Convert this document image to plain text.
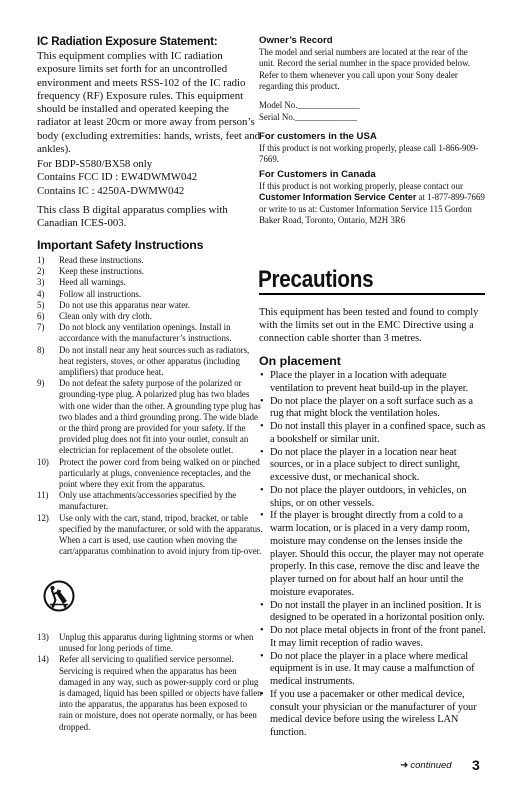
IC Radiation Exposure Statement:

This equipment complies with IC radiation

exposure limits set forth for an uncontrolled

environment and meets RSS-102 of the IC radio

frequency (RF) Exposure rules. This equipment

should be installed and operated keeping the

radiator at least 20cm or more away from person’s

body (excluding extremities: hands, wrists, feet and

ankles).

For BDP-S580/BX58 only

Contains FCC ID : EW4DWMW042

Contains IC : 4250A-DWMW042

This class B digital apparatus complies with

Canadian ICES-003.

Important Safety Instructions
1) Read these instructions.
2) Keep these instructions.
3) Heed all warnings.
4) Follow all instructions.
5) Do not use this apparatus near water.
6) Clean only with dry cloth.
7) Do not block any ventilation openings. Install in accordance with the manufacturer’s instructions.
8) Do not install near any heat sources such as radiators, heat registers, stoves, or other apparatus (including amplifiers) that produce heat.
9) Do not defeat the safety purpose of the polarized or grounding-type plug. A polarized plug has two blades with one wider than the other. A grounding type plug has two blades and a third grounding prong. The wide blade or the third prong are provided for your safety. If the provided plug does not fit into your outlet, consult an electrician for replacement of the obsolete outlet.
10) Protect the power cord from being walked on or pinched particularly at plugs, convenience receptacles, and the point where they exit from the apparatus.
11) Only use attachments/accessories specified by the manufacturer.
12) Use only with the cart, stand, tripod, bracket, or table specified by the manufacturer, or sold with the apparatus. When a cart is used, use caution when moving the cart/apparatus combination to avoid injury from tip-over.
13) Unplug this apparatus during lightning storms or when unused for long periods of time.
14) Refer all servicing to qualified service personnel. Servicing is required when the apparatus has been damaged in any way, such as power-supply cord or plug is damaged, liquid has been spilled or objects have fallen into the apparatus, the apparatus has been exposed to rain or moisture, does not operate normally, or has been dropped.
Owner’s Record

The model and serial numbers are located at the rear of the unit. Record the serial number in the space provided below. Refer to them whenever you call upon your Sony dealer regarding this product.

Model No.______________

Serial No.______________

For customers in the USA

If this product is not working properly, please call 1-866-909-7669.

For Customers in Canada

If this product is not working properly, please contact our Customer Information Service Center at 1-877-899-7669 or write to us at: Customer Information Service 115 Gordon Baker Road, Toronto, Ontario, M2H 3R6

Precautions

This equipment has been tested and found to comply with the limits set out in the EMC Directive using a connection cable shorter than 3 metres.

On placement
• Place the player in a location with adequate ventilation to prevent heat build-up in the player.
• Do not place the player on a soft surface such as a rug that might block the ventilation holes.
• Do not install this player in a confined space, such as a bookshelf or similar unit.
• Do not place the player in a location near heat sources, or in a place subject to direct sunlight, excessive dust, or mechanical shock.
• Do not place the player outdoors, in vehicles, on ships, or on other vessels.
• If the player is brought directly from a cold to a warm location, or is placed in a very damp room, moisture may condense on the lenses inside the player. Should this occur, the player may not operate properly. In this case, remove the disc and leave the player turned on for about half an hour until the moisture evaporates.
• Do not install the player in an inclined position. It is designed to be operated in a horizontal position only.
• Do not place metal objects in front of the front panel. It may limit reception of radio waves.
• Do not place the player in a place where medical equipment is in use. It may cause a malfunction of medical instruments.
• If you use a pacemaker or other medical device, consult your physician or the manufacturer of your medical device before using the wireless LAN function.
➜ continued 3
